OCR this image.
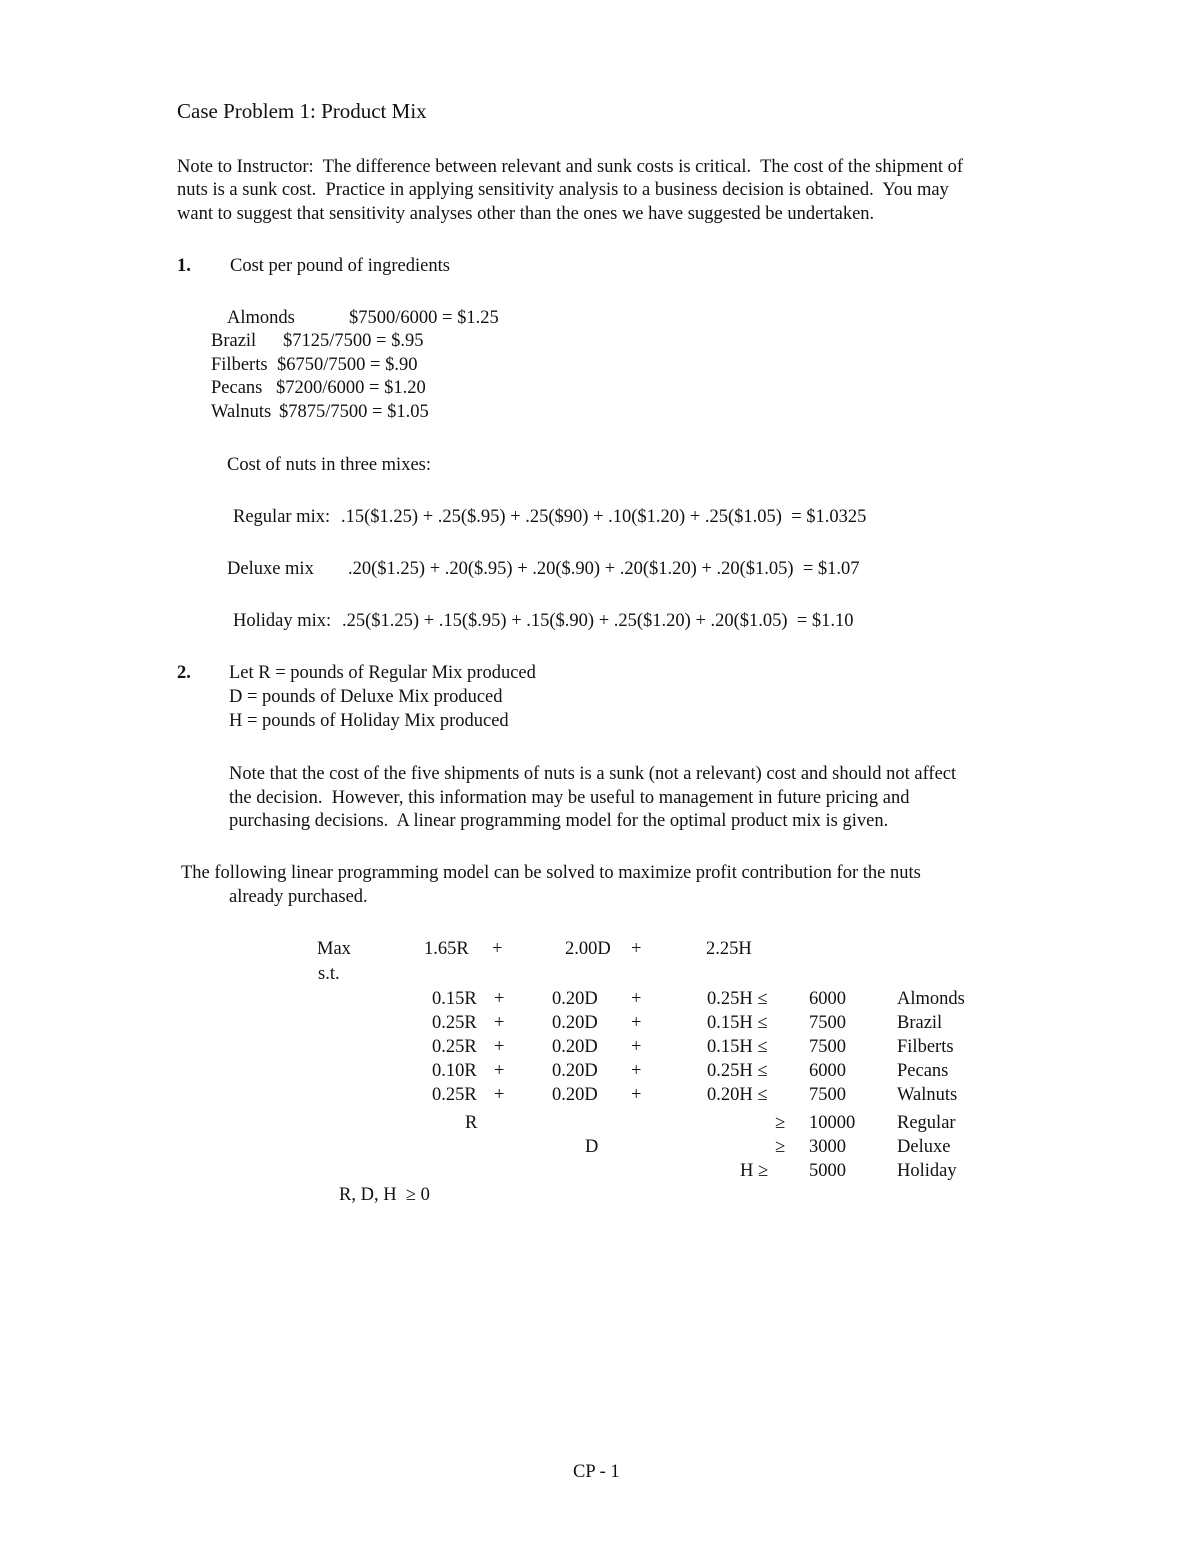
Case Problem 1: Product Mix
Note to Instructor:  The difference between relevant and sunk costs is critical.  The cost of the shipment of
nuts is a sunk cost.  Practice in applying sensitivity analysis to a business decision is obtained.  You may
want to suggest that sensitivity analyses other than the ones we have suggested be undertaken.
1. Cost per pound of ingredients
Almonds	$7500/6000 = $1.25
Brazil $7125/7500 = $.95
Filberts $6750/7500 = $.90
Pecans $7200/6000 = $1.20
Walnuts $7875/7500 = $1.05
Cost of nuts in three mixes:
Regular mix: .15($1.25) + .25($.95) + .25($90) + .10($1.20) + .25($1.05)  = $1.0325
Deluxe mix .20($1.25) + .20($.95) + .20($.90) + .20($1.20) + .20($1.05)  = $1.07
Holiday mix: .25($1.25) + .15($.95) + .15($.90) + .25($1.20) + .20($1.05)  = $1.10
2. Let R = pounds of Regular Mix produced
D = pounds of Deluxe Mix produced
H = pounds of Holiday Mix produced
Note that the cost of the five shipments of nuts is a sunk (not a relevant) cost and should not affect
the decision.  However, this information may be useful to management in future pricing and
purchasing decisions.  A linear programming model for the optimal product mix is given.
The following linear programming model can be solved to maximize profit contribution for the nuts
already purchased.
Max	1.65R +	2.00D +	2.25H
s.t.
0.15R +	0.20D +	0.25H ≤ 6000	Almonds
0.25R +	0.20D +	0.15H ≤ 7500	Brazil
0.25R +	0.20D +	0.15H ≤ 7500	Filberts
0.10R +	0.20D +	0.25H ≤ 6000	Pecans
0.25R +	0.20D +	0.20H ≤ 7500	Walnuts
R	≥ 10000 Regular
D	≥ 3000	Deluxe
H ≥ 5000	Holiday
R, D, H  ≥ 0
CP - 1
